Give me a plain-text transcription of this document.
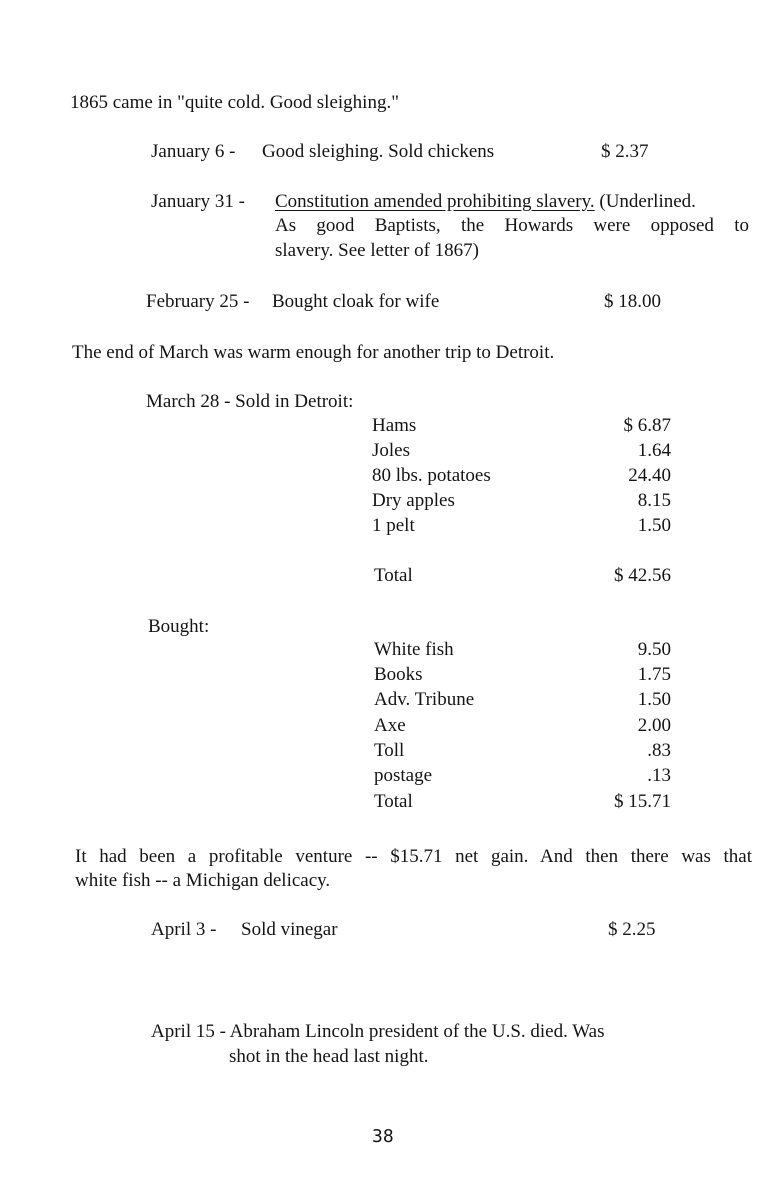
1865 came in "quite cold. Good sleighing."
January 6 - Good sleighing. Sold chickens	$ 2.37
January 31 - Constitution amended prohibiting slavery. (Underlined.
As good Baptists, the Howards were opposed to
slavery. See letter of 1867)
February 25 - Bought cloak for wife	$ 18.00
The end of March was warm enough for another trip to Detroit.
March 28 - Sold in Detroit:
Hams	$ 6.87
Joles	1.64
80 lbs. potatoes	24.40
Dry apples	8.15
1 pelt	1.50
Total	$ 42.56
Bought:
White fish	9.50
Books	1.75
Adv. Tribune	1.50
Axe	2.00
Toll	.83
postage	.13
Total	$ 15.71
It had been a profitable venture -- $15.71 net gain. And then there was that
white fish -- a Michigan delicacy.
April 3 - Sold vinegar	$ 2.25
April 15 - Abraham Lincoln president of the U.S. died. Was
shot in the head last night.
38
